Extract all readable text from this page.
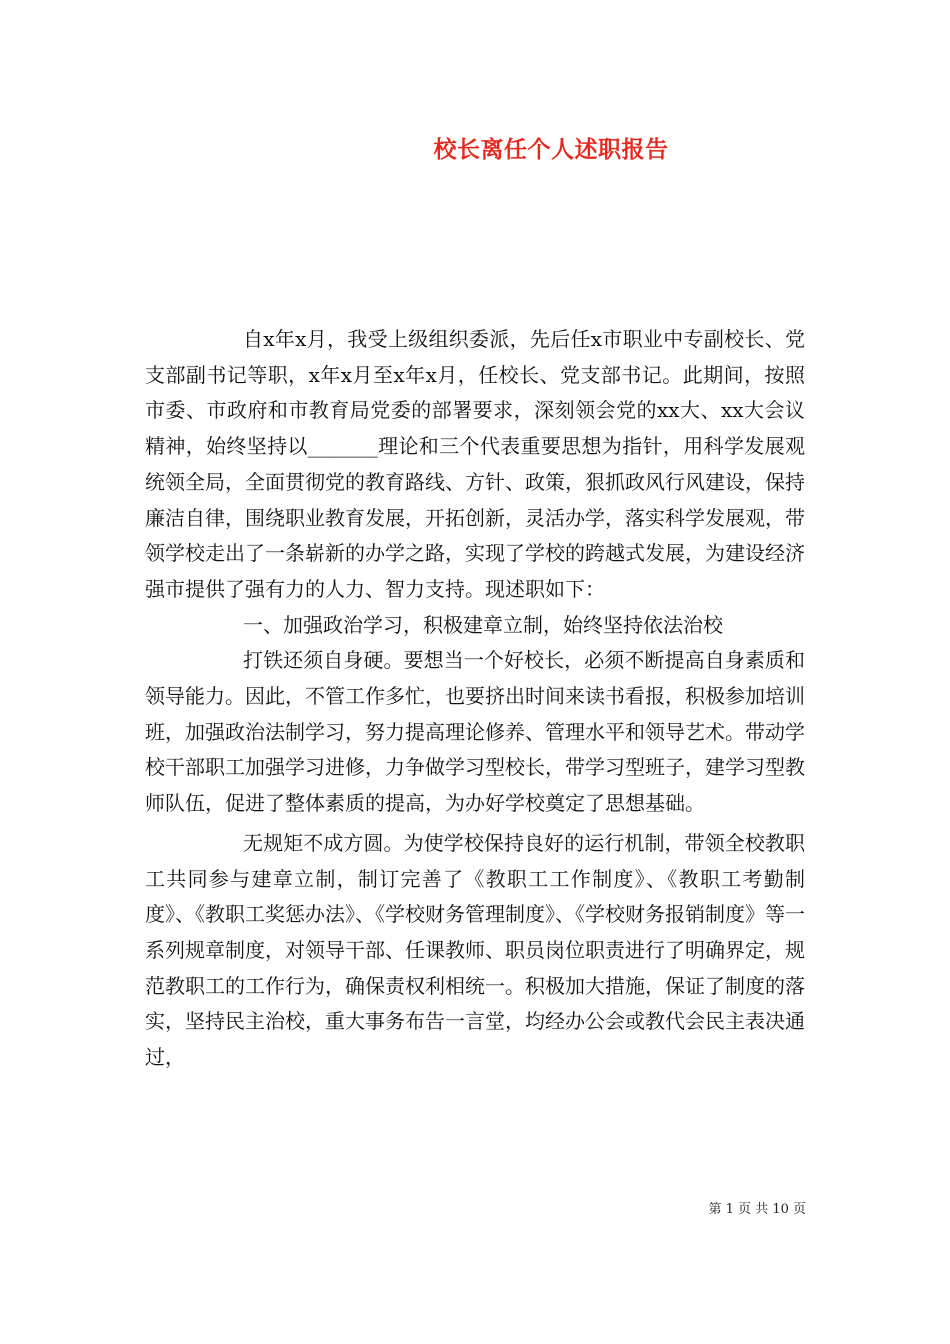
校长离任个人述职报告

自x年x月，我受上级组织委派，先后任x市职业中专副校长、党支部副书记等职，x年x月至x年x月，任校长、党支部书记。此期间，按照市委、市政府和市教育局党委的部署要求，深刻领会党的xx大、xx大会议精神，始终坚持以_______理论和三个代表重要思想为指针，用科学发展观统领全局，全面贯彻党的教育路线、方针、政策，狠抓政风行风建设，保持廉洁自律，围绕职业教育发展，开拓创新，灵活办学，落实科学发展观，带领学校走出了一条崭新的办学之路，实现了学校的跨越式发展，为建设经济强市提供了强有力的人力、智力支持。现述职如下：

一、加强政治学习，积极建章立制，始终坚持依法治校

打铁还须自身硬。要想当一个好校长，必须不断提高自身素质和领导能力。因此，不管工作多忙，也要挤出时间来读书看报，积极参加培训班，加强政治法制学习，努力提高理论修养、管理水平和领导艺术。带动学校干部职工加强学习进修，力争做学习型校长，带学习型班子，建学习型教师队伍，促进了整体素质的提高，为办好学校奠定了思想基础。

无规矩不成方圆。为使学校保持良好的运行机制，带领全校教职工共同参与建章立制，制订完善了《教职工工作制度》、《教职工考勤制度》、《教职工奖惩办法》、《学校财务管理制度》、《学校财务报销制度》等一系列规章制度，对领导干部、任课教师、职员岗位职责进行了明确界定，规范教职工的工作行为，确保责权利相统一。积极加大措施，保证了制度的落实，坚持民主治校，重大事务布告一言堂，均经办公会或教代会民主表决通过，

第 1 页 共 10 页
